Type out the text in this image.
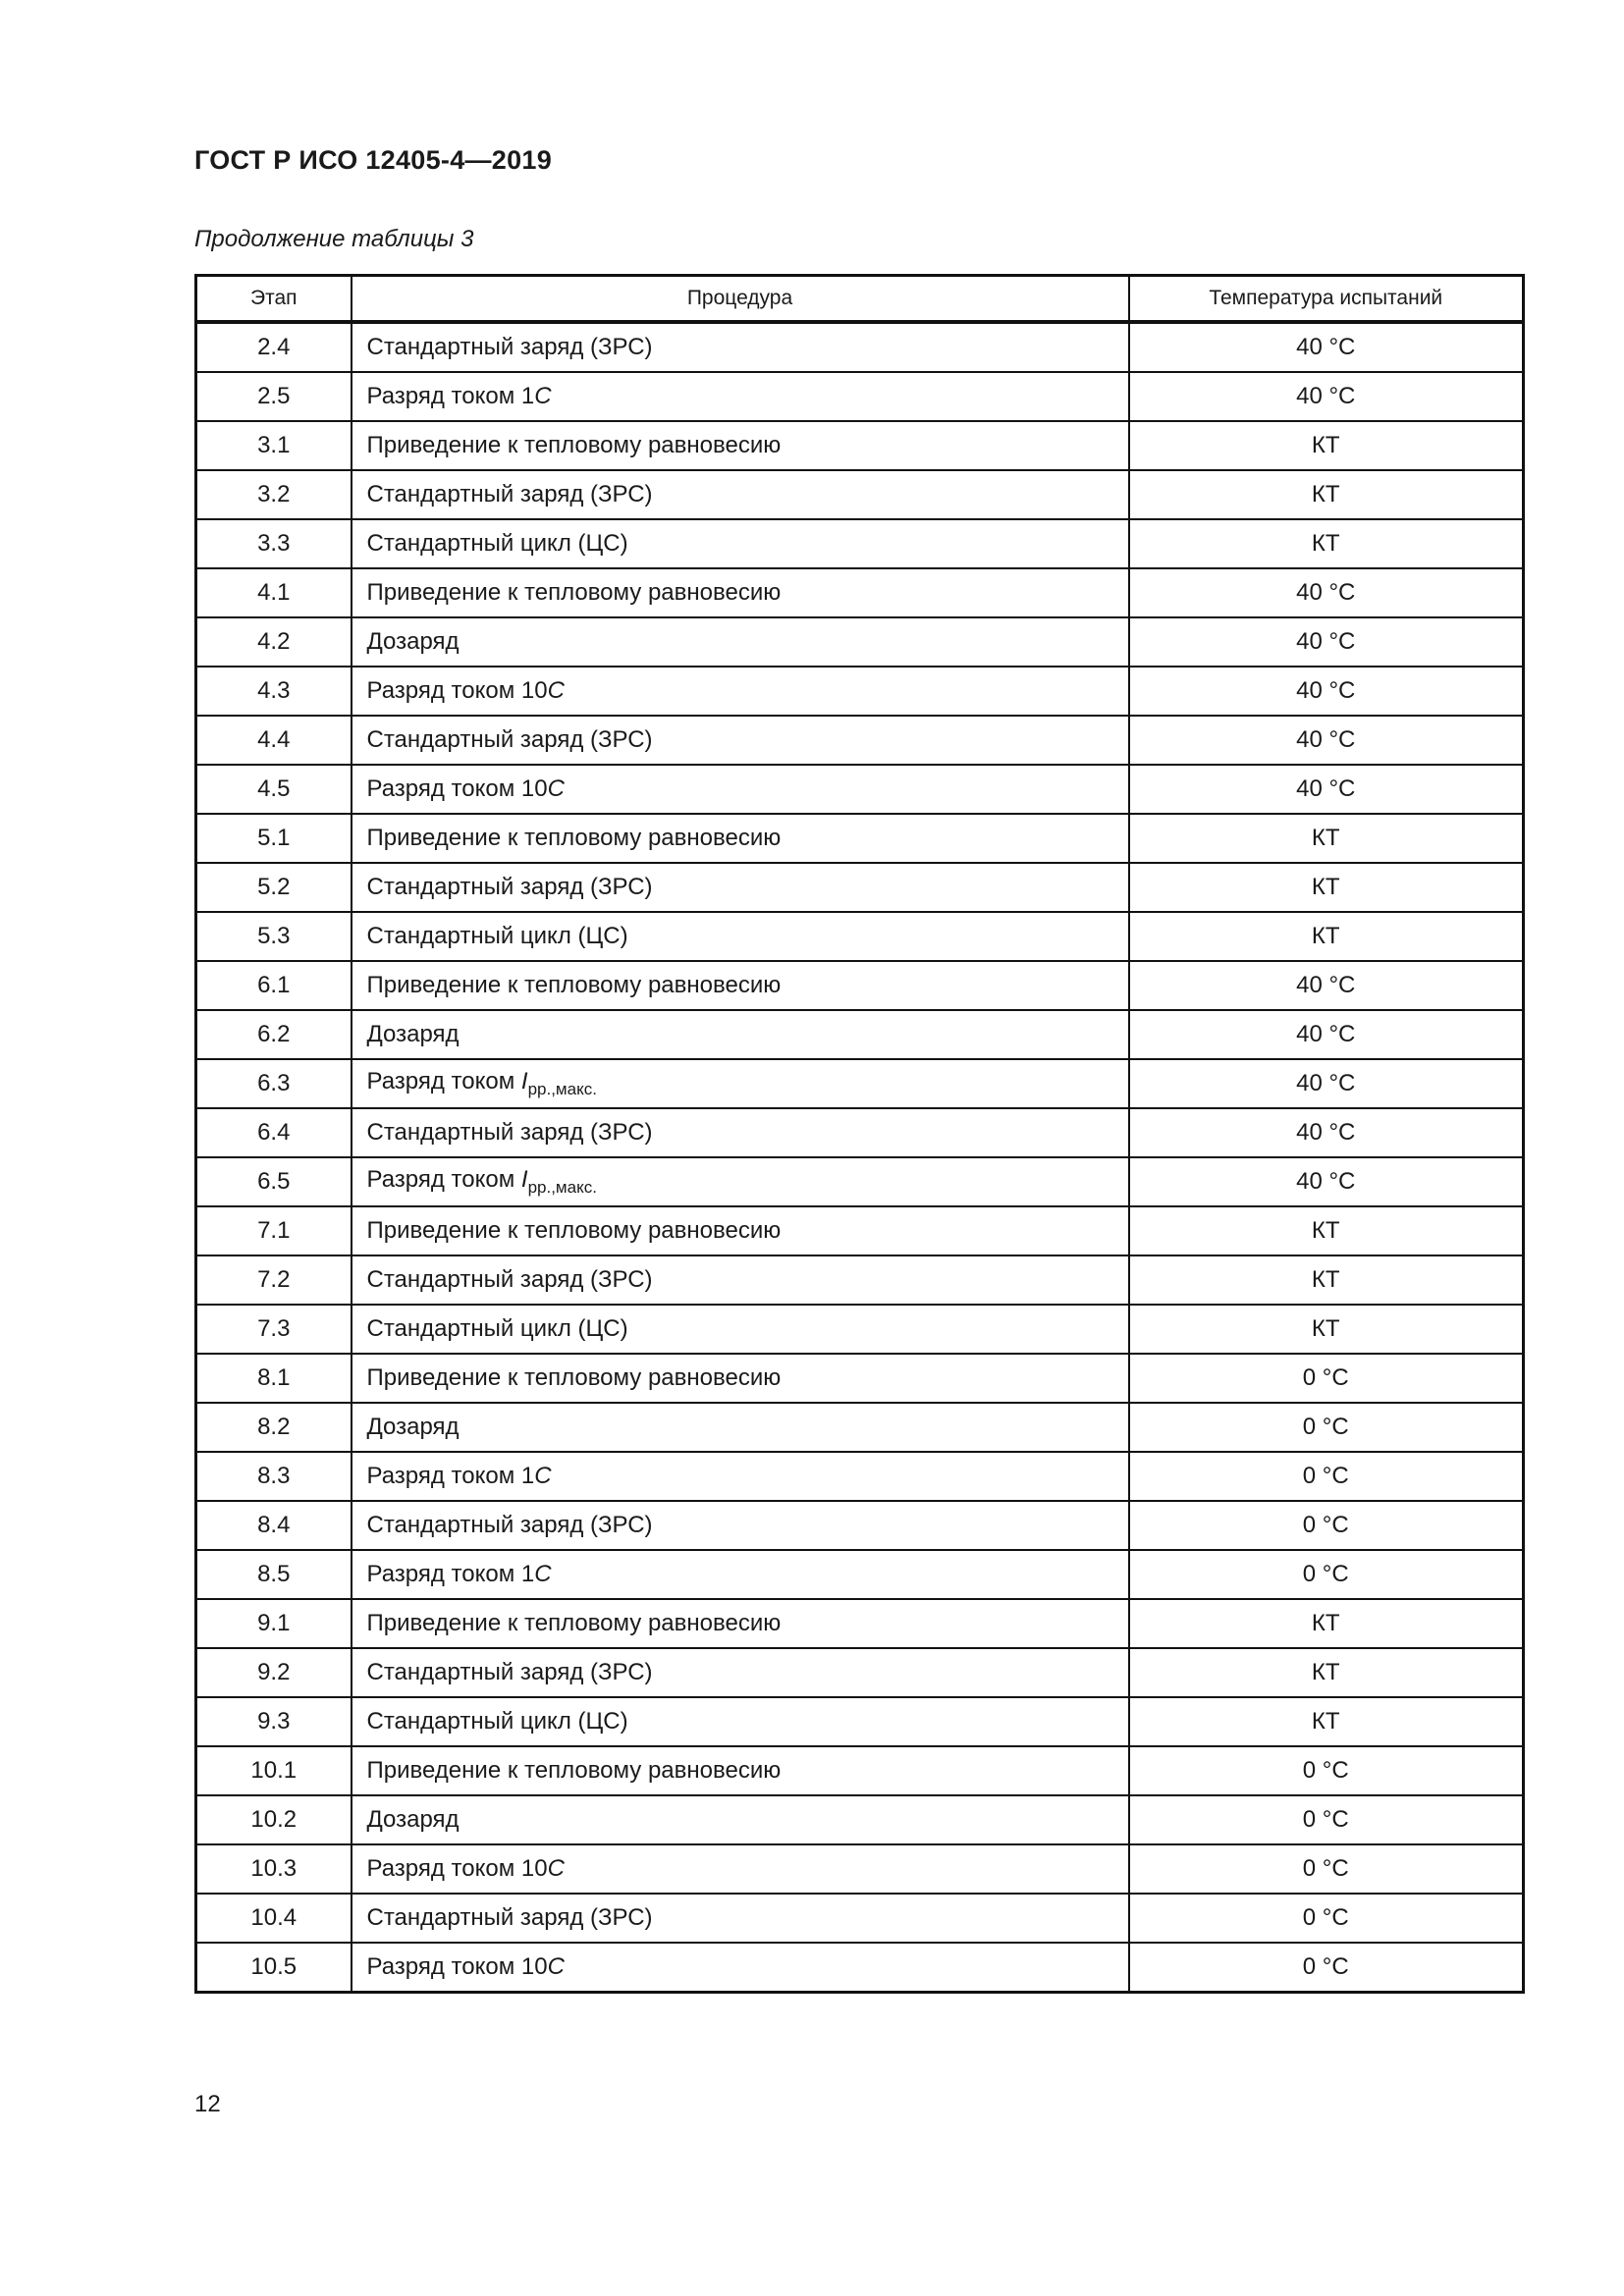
ГОСТ Р ИСО 12405-4—2019
Продолжение таблицы 3
Этап	Процедура	Температура испытаний
2.4	Стандартный заряд (ЗРС)	40 °C
2.5	Разряд током 1C	40 °C
3.1	Приведение к тепловому равновесию	КТ
3.2	Стандартный заряд (ЗРС)	КТ
3.3	Стандартный цикл (ЦС)	КТ
4.1	Приведение к тепловому равновесию	40 °C
4.2	Дозаряд	40 °C
4.3	Разряд током 10C	40 °C
4.4	Стандартный заряд (ЗРС)	40 °C
4.5	Разряд током 10C	40 °C
5.1	Приведение к тепловому равновесию	КТ
5.2	Стандартный заряд (ЗРС)	КТ
5.3	Стандартный цикл (ЦС)	КТ
6.1	Приведение к тепловому равновесию	40 °C
6.2	Дозаряд	40 °C
6.3	Разряд током $I_{рр.,макс.}$	40 °C
6.4	Стандартный заряд (ЗРС)	40 °C
6.5	Разряд током $I_{рр.,макс.}$	40 °C
7.1	Приведение к тепловому равновесию	КТ
7.2	Стандартный заряд (ЗРС)	КТ
7.3	Стандартный цикл (ЦС)	КТ
8.1	Приведение к тепловому равновесию	0 °C
8.2	Дозаряд	0 °C
8.3	Разряд током 1C	0 °C
8.4	Стандартный заряд (ЗРС)	0 °C
8.5	Разряд током 1C	0 °C
9.1	Приведение к тепловому равновесию	КТ
9.2	Стандартный заряд (ЗРС)	КТ
9.3	Стандартный цикл (ЦС)	КТ
10.1	Приведение к тепловому равновесию	0 °C
10.2	Дозаряд	0 °C
10.3	Разряд током 10C	0 °C
10.4	Стандартный заряд (ЗРС)	0 °C
10.5	Разряд током 10C	0 °C
12
